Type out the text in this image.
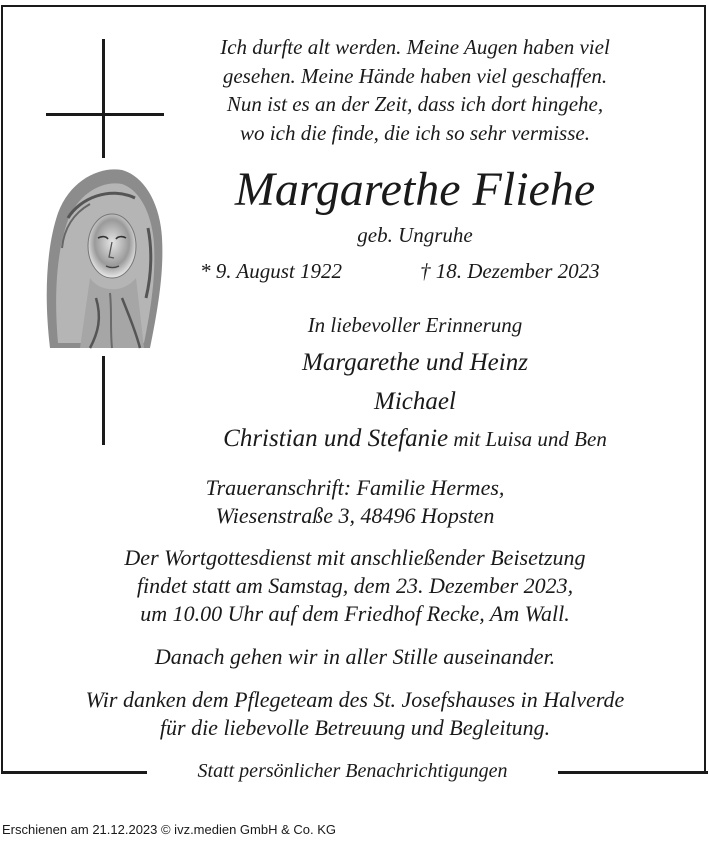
Statt persönlicher Benachrichtigungen
Ich durfte alt werden. Meine Augen haben viel
gesehen. Meine Hände haben viel geschaffen.
Nun ist es an der Zeit, dass ich dort hingehe,
wo ich die finde, die ich so sehr vermisse.
Margarethe Fliehe
geb. Ungruhe
* 9. August 1922	† 18. Dezember 2023
In liebevoller Erinnerung
Margarethe und Heinz
Michael
Christian und Stefanie mit Luisa und Ben
Traueranschrift: Familie Hermes,
Wiesenstraße 3, 48496 Hopsten
Der Wortgottesdienst mit anschließender Beisetzung
findet statt am Samstag, dem 23. Dezember 2023,
um 10.00 Uhr auf dem Friedhof Recke, Am Wall.
Danach gehen wir in aller Stille auseinander.
Wir danken dem Pflegeteam des St. Josefshauses in Halverde
für die liebevolle Betreuung und Begleitung.
Erschienen am 21.12.2023 © ivz.medien GmbH & Co. KG
